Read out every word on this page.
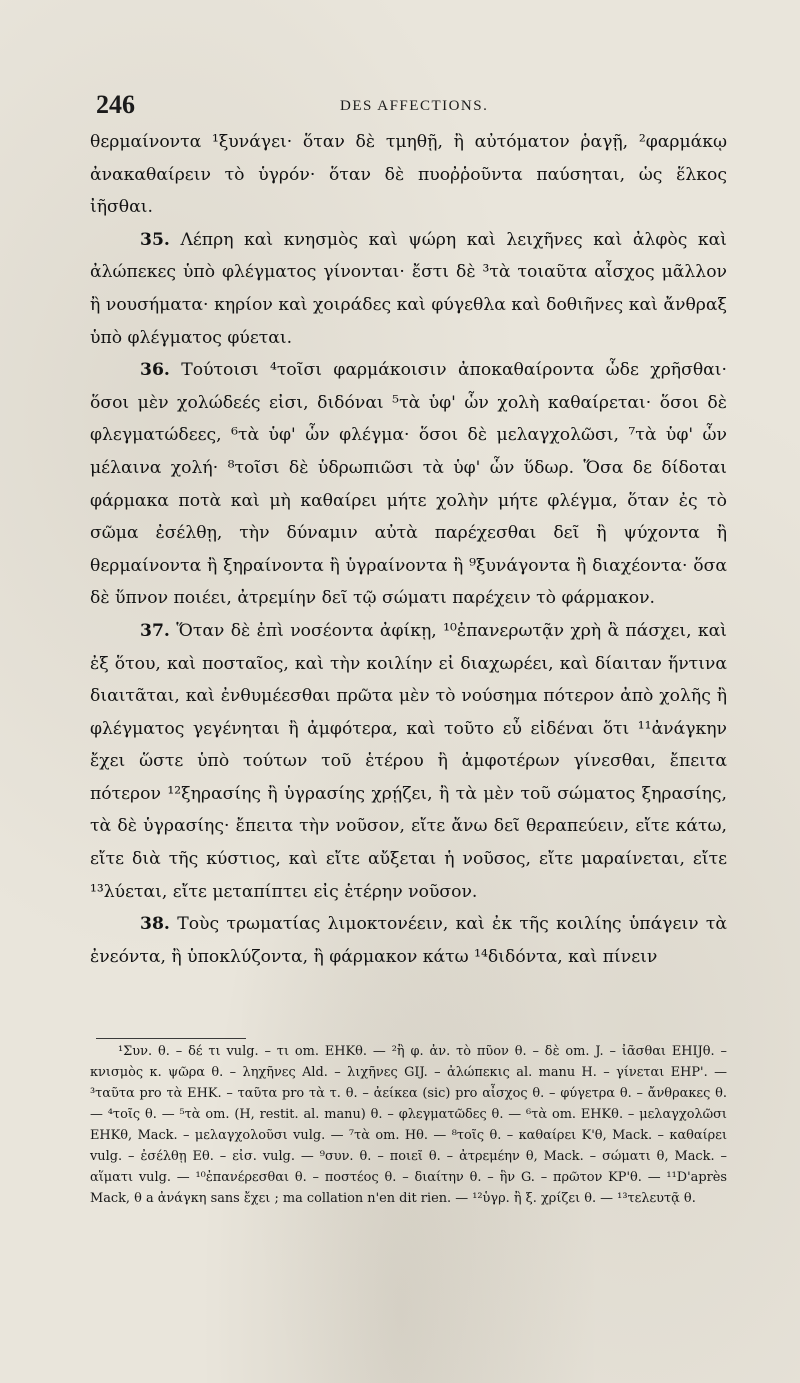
246	DES AFFECTIONS.

θερμαίνοντα ¹ξυνάγει· ὅταν δὲ τμηθῇ, ἢ αὐτόματον ῥαγῇ, ²φαρμάκῳ ἀνακαθαίρειν τὸ ὑγρόν· ὅταν δὲ πυοῤῥοῦντα παύσηται, ὡς ἕλκος ἰῆσθαι.

35. Λέπρη καὶ κνησμὸς καὶ ψώρη καὶ λειχῆνες καὶ ἀλφὸς καὶ ἀλώπεκες ὑπὸ φλέγματος γίνονται· ἔστι δὲ ³τὰ τοιαῦτα αἶσχος μᾶλλον ἢ νουσήματα· κηρίον καὶ χοιράδες καὶ φύγεθλα καὶ δοθιῆνες καὶ ἄνθραξ ὑπὸ φλέγματος φύεται.

36. Τούτοισι ⁴τοῖσι φαρμάκοισιν ἀποκαθαίροντα ὧδε χρῆσθαι· ὅσοι μὲν χολώδεές εἰσι, διδόναι ⁵τὰ ὑφ' ὧν χολὴ καθαίρεται· ὅσοι δὲ φλεγματώδεες, ⁶τὰ ὑφ' ὧν φλέγμα· ὅσοι δὲ μελαγχολῶσι, ⁷τὰ ὑφ' ὧν μέλαινα χολή· ⁸τοῖσι δὲ ὑδρωπιῶσι τὰ ὑφ' ὧν ὕδωρ. Ὅσα δε δίδοται φάρμακα ποτὰ καὶ μὴ καθαίρει μήτε χολὴν μήτε φλέγμα, ὅταν ἐς τὸ σῶμα ἐσέλθῃ, τὴν δύναμιν αὐτὰ παρέχεσθαι δεῖ ἢ ψύχοντα ἢ θερμαίνοντα ἢ ξηραίνοντα ἢ ὑγραίνοντα ἢ ⁹ξυνάγοντα ἢ διαχέοντα· ὅσα δὲ ὕπνον ποιέει, ἀτρεμίην δεῖ τῷ σώματι παρέχειν τὸ φάρμακον.

37. Ὅταν δὲ ἐπὶ νοσέοντα ἀφίκῃ, ¹⁰ἐπανερωτᾷν χρὴ ἃ πάσχει, καὶ ἐξ ὅτου, καὶ ποσταῖος, καὶ τὴν κοιλίην εἰ διαχωρέει, καὶ δίαιταν ἥντινα διαιτᾶται, καὶ ἐνθυμέεσθαι πρῶτα μὲν τὸ νούσημα πότερον ἀπὸ χολῆς ἢ φλέγματος γεγένηται ἢ ἀμφότερα, καὶ τοῦτο εὖ εἰδέναι ὅτι ¹¹ἀνάγκην ἔχει ὥστε ὑπὸ τούτων τοῦ ἑτέρου ἢ ἀμφοτέρων γίνεσθαι, ἔπειτα πότερον ¹²ξηρασίης ἢ ὑγρασίης χρῄζει, ἢ τὰ μὲν τοῦ σώματος ξηρασίης, τὰ δὲ ὑγρασίης· ἔπειτα τὴν νοῦσον, εἴτε ἄνω δεῖ θεραπεύειν, εἴτε κάτω, εἴτε διὰ τῆς κύστιος, καὶ εἴτε αὔξεται ἡ νοῦσος, εἴτε μαραίνεται, εἴτε ¹³λύεται, εἴτε μεταπίπτει εἰς ἑτέρην νοῦσον.

38. Τοὺς τρωματίας λιμοκτονέειν, καὶ ἐκ τῆς κοιλίης ὑπάγειν τὰ ἐνεόντα, ἢ ὑποκλύζοντα, ἢ φάρμακον κάτω ¹⁴διδόντα, καὶ πίνειν

¹Συν. θ. – δέ τι vulg. – τι om. EHKθ. — ²ἢ φ. ἀν. τὸ πῦον θ. – δὲ om. J. – ἰᾶσθαι EHIJθ. – κνισμὸς κ. ψῶρα θ. – ληχῆνες Ald. – λιχῆνες GIJ. – ἀλώπεκις al. manu H. – γίνεται EHP'. — ³ταῦτα pro τὰ EHK. – ταῦτα pro τὰ τ. θ. – ἀείκεα (sic) pro αἶσχος θ. – φύγετρα θ. – ἄνθρακες θ. — ⁴τοῖς θ. — ⁵τὰ om. (H, restit. al. manu) θ. – φλεγματῶδες θ. — ⁶τὰ om. EHKθ. – μελαγχολῶσι EHKθ, Mack. – μελαγχολοῦσι vulg. — ⁷τὰ om. Hθ. — ⁸τοῖς θ. – καθαίρει K'θ, Mack. – καθαίρει vulg. – ἐσέλθῃ Eθ. – εἰσ. vulg. — ⁹συν. θ. – ποιεῖ θ. – ἀτρεμέην θ, Mack. – σώματι θ, Mack. – αἵματι vulg. — ¹⁰ἐπανέρεσθαι θ. – ποστέος θ. – διαίτην θ. – ἣν G. – πρῶτον KP'θ. — ¹¹D'après Mack, θ a ἀνάγκη sans ἔχει ; ma collation n'en dit rien. — ¹²ὑγρ. ἢ ξ. χρίζει θ. — ¹³τελευτᾷ θ.
